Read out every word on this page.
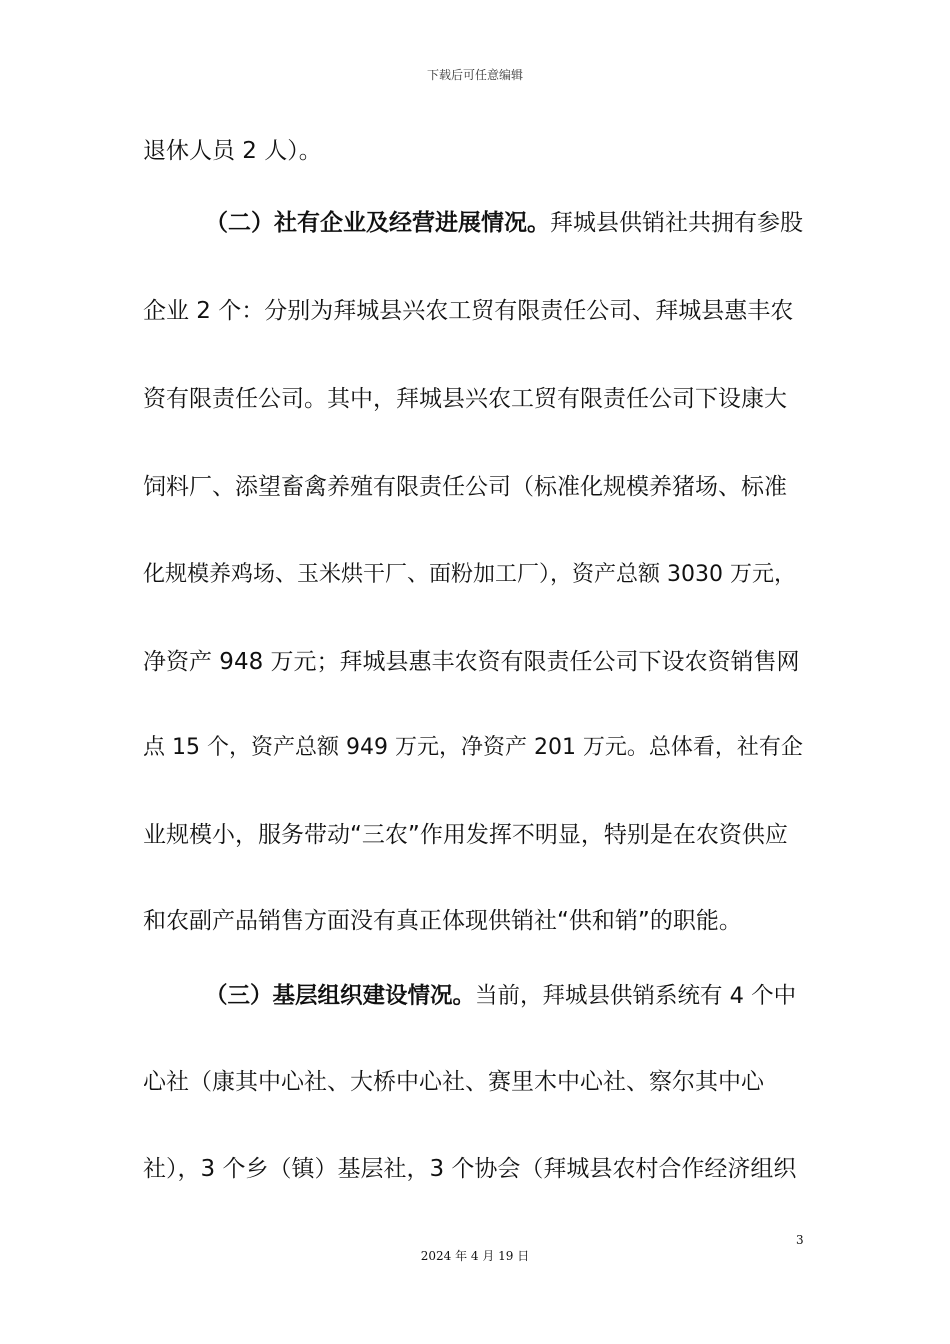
下载后可任意编辑
退休人员 2 人）。
（二）社有企业及经营进展情况。拜城县供销社共拥有参股
企业 2 个：分别为拜城县兴农工贸有限责任公司、拜城县惠丰农
资有限责任公司。其中，拜城县兴农工贸有限责任公司下设康大
饲料厂、添望畜禽养殖有限责任公司（标准化规模养猪场、标准
化规模养鸡场、玉米烘干厂、面粉加工厂），资产总额 3030 万元，
净资产 948 万元；拜城县惠丰农资有限责任公司下设农资销售网
点 15 个，资产总额 949 万元，净资产 201 万元。总体看，社有企
业规模小，服务带动“三农”作用发挥不明显，特别是在农资供应
和农副产品销售方面没有真正体现供销社“供和销”的职能。
（三）基层组织建设情况。当前，拜城县供销系统有 4 个中
心社（康其中心社、大桥中心社、赛里木中心社、察尔其中心
社），3 个乡（镇）基层社，3 个协会（拜城县农村合作经济组织
3
2024 年 4 月 19 日
